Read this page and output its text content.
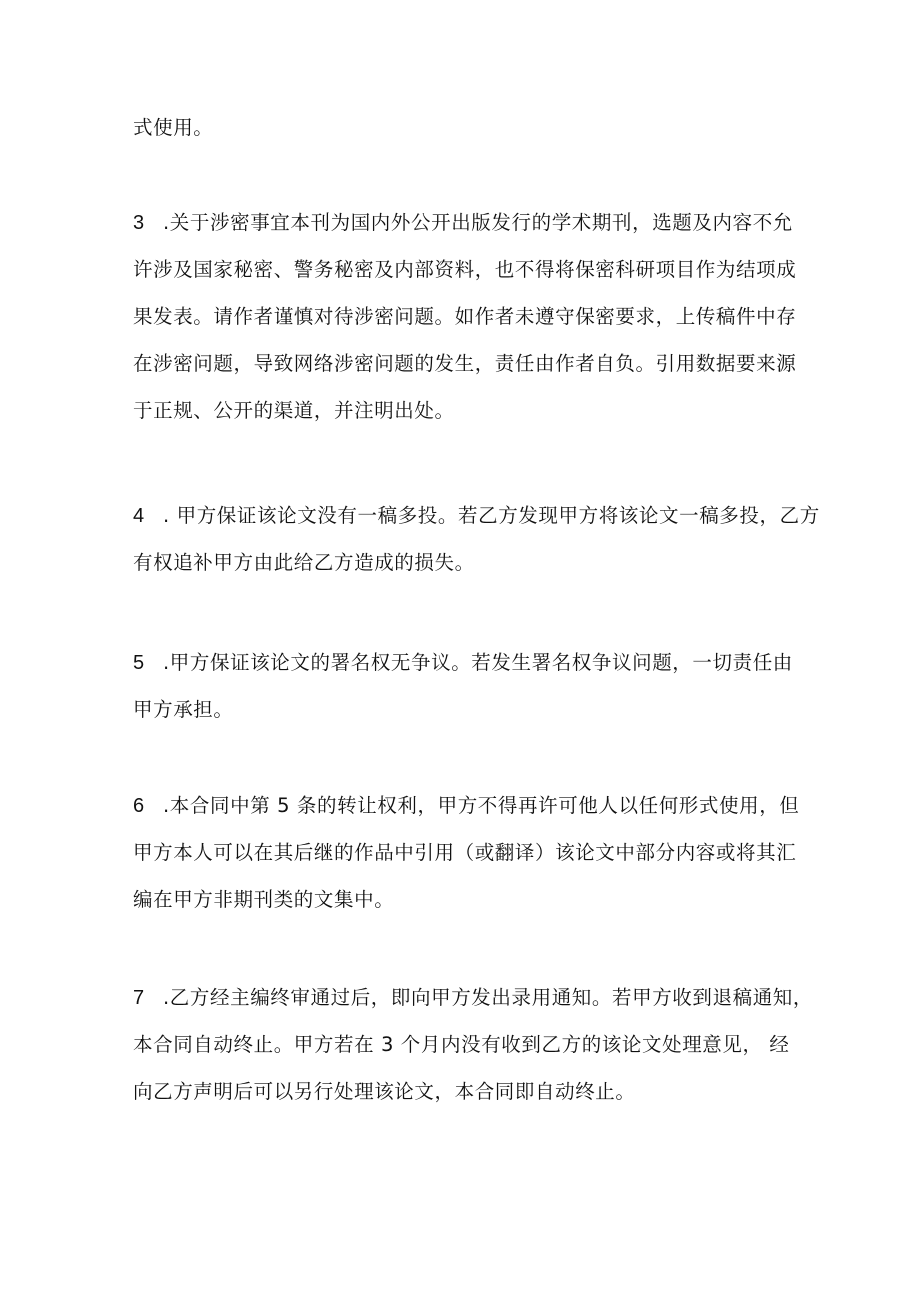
式使用。

3 .关于涉密事宜本刊为国内外公开出版发行的学术期刊，选题及内容不允
许涉及国家秘密、警务秘密及内部资料，也不得将保密科研项目作为结项成
果发表。请作者谨慎对待涉密问题。如作者未遵守保密要求，上传稿件中存
在涉密问题，导致网络涉密问题的发生，责任由作者自负。引用数据要来源
于正规、公开的渠道，并注明出处。

4 . 甲方保证该论文没有一稿多投。若乙方发现甲方将该论文一稿多投，乙方
有权追补甲方由此给乙方造成的损失。

5 .甲方保证该论文的署名权无争议。若发生署名权争议问题，一切责任由
甲方承担。

6 .本合同中第 5 条的转让权利，甲方不得再许可他人以任何形式使用，但
甲方本人可以在其后继的作品中引用（或翻译）该论文中部分内容或将其汇
编在甲方非期刊类的文集中。

7 .乙方经主编终审通过后，即向甲方发出录用通知。若甲方收到退稿通知，
本合同自动终止。甲方若在 3 个月内没有收到乙方的该论文处理意见， 经
向乙方声明后可以另行处理该论文，本合同即自动终止。
